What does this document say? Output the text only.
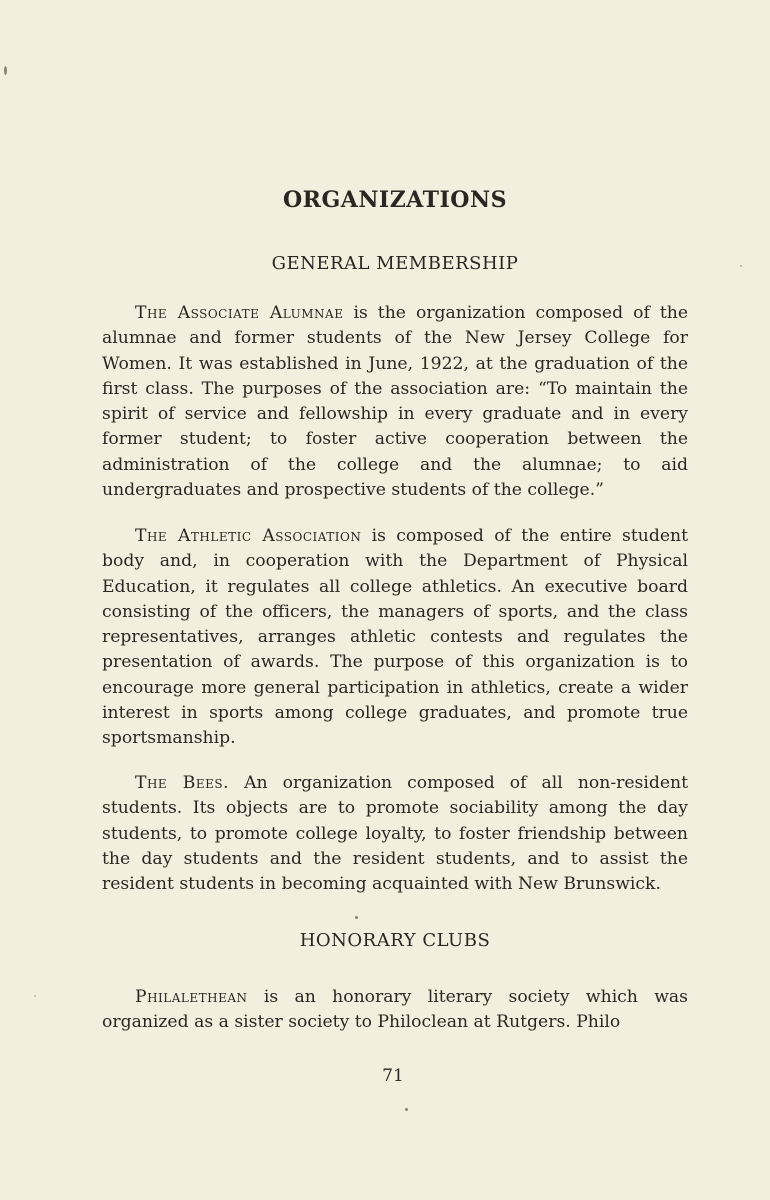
ORGANIZATIONS
GENERAL MEMBERSHIP

The Associate Alumnae is the organization composed of the alumnae and former students of the New Jersey College for Women. It was established in June, 1922, at the graduation of the first class. The purposes of the association are: “To maintain the spirit of service and fellowship in every graduate and in every former student; to foster active cooperation between the administration of the college and the alumnae; to aid undergraduates and prospective students of the college.”

The Athletic Association is composed of the entire student body and, in cooperation with the Department of Physical Education, it regulates all college athletics. An executive board consisting of the officers, the managers of sports, and the class representatives, arranges athletic contests and regulates the presentation of awards. The purpose of this organization is to encourage more general participation in athletics, create a wider interest in sports among college graduates, and promote true sportsmanship.

The Bees. An organization composed of all non-resident students. Its objects are to promote sociability among the day students, to promote college loyalty, to foster friendship between the day students and the resident students, and to assist the resident students in becoming acquainted with New Brunswick.

HONORARY CLUBS

Philalethean is an honorary literary society which was organized as a sister society to Philoclean at Rutgers. Philo

71
